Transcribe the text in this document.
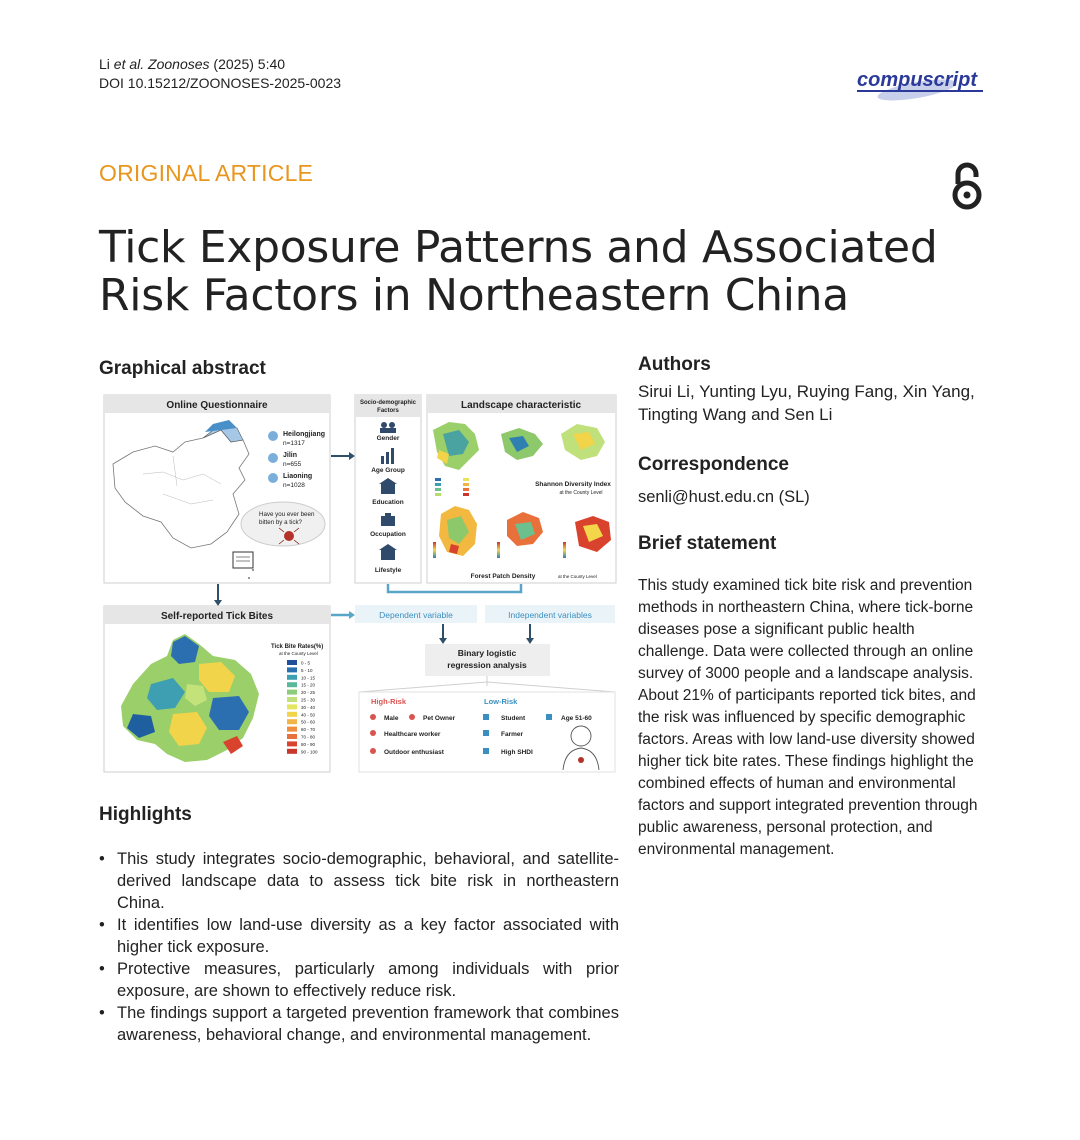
Li et al. Zoonoses (2025) 5:40
DOI 10.15212/ZOONOSES-2025-0023	compuscript
ORIGINAL ARTICLE
Tick Exposure Patterns and Associated Risk Factors in Northeastern China
Graphical abstract
Online Questionnaire
Heilongjiang
n=1317
Jilin
n=655
Liaoning
n=1028
Have you ever been
bitten by a tick?
Socio-demographic
Factors
Gender
Age Group
Education
Occupation
Lifestyle
Landscape characteristic
Shannon Diversity Index
at the County Level
Forest Patch Density	at the County Level
Self-reported Tick Bites
Tick Bite Rates(%)
at the County Level
0 - 5
5 - 10
10 - 15
15 - 20
20 - 25
25 - 30
30 - 40
40 - 50
50 - 60
60 - 70
70 - 80
80 - 90
90 - 100
Dependent variable	Independent variables
Binary logistic
regression analysis
High-Risk	Low-Risk
Male	Pet Owner
Healthcare worker
Outdoor enthusiast
Student	Age 51-60
Farmer
High SHDI
Highlights
• This study integrates socio-demographic, behavioral, and satellite-derived landscape data to assess tick bite risk in northeastern China.
• It identifies low land-use diversity as a key factor associated with higher tick exposure.
• Protective measures, particularly among individuals with prior exposure, are shown to effectively reduce risk.
• The findings support a targeted prevention framework that combines awareness, behavioral change, and environmental management.
Authors
Sirui Li, Yunting Lyu, Ruying Fang, Xin Yang, Tingting Wang and Sen Li
Correspondence
senli@hust.edu.cn (SL)
Brief statement
This study examined tick bite risk and prevention methods in northeastern China, where tick-borne diseases pose a significant public health challenge. Data were collected through an online survey of 3000 people and a landscape analysis. About 21% of participants reported tick bites, and the risk was influenced by specific demographic factors. Areas with low land-use diversity showed higher tick bite rates. These findings highlight the combined effects of human and environmental factors and support integrated prevention through public awareness, personal protection, and environmental management.
